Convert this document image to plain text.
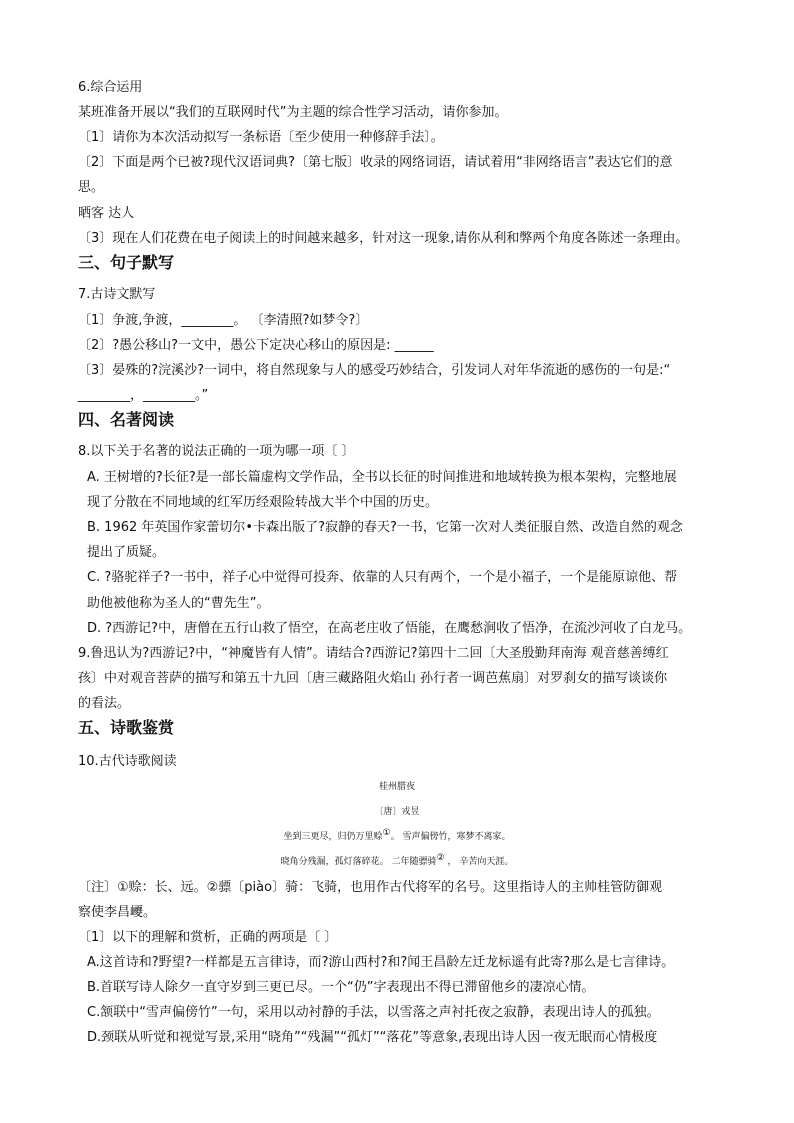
6.综合运用
某班准备开展以“我们的互联网时代”为主题的综合性学习活动，请你参加。
〔1〕请你为本次活动拟写一条标语〔至少使用一种修辞手法〕。
〔2〕下面是两个已被?现代汉语词典?〔第七版〕收录的网络词语，请试着用“非网络语言”表达它们的意
思。
晒客 达人
〔3〕现在人们花费在电子阅读上的时间越来越多，针对这一现象,请你从利和弊两个角度各陈述一条理由。
三、句子默写
7.古诗文默写
〔1〕争渡,争渡，________。 〔李清照?如梦令?〕
〔2〕?愚公移山?一文中，愚公下定决心移山的原因是: ______
〔3〕晏殊的?浣溪沙?一词中，将自然现象与人的感受巧妙结合，引发词人对年华流逝的感伤的一句是:“
________，________。”
四、名著阅读
8.以下关于名著的说法正确的一项为哪一项〔 〕
A. 王树增的?长征?是一部长篇虚构文学作品，全书以长征的时间推进和地域转换为根本架构，完整地展
现了分散在不同地域的红军历经艰险转战大半个中国的历史。
B. 1962 年英国作家蕾切尔•卡森出版了?寂静的春天?一书，它第一次对人类征服自然、改造自然的观念
提出了质疑。
C. ?骆驼祥子?一书中，祥子心中觉得可投奔、依靠的人只有两个，一个是小福子，一个是能原谅他、帮
助他被他称为圣人的“曹先生”。
D. ?西游记?中，唐僧在五行山救了悟空，在高老庄收了悟能，在鹰愁涧收了悟净，在流沙河收了白龙马。
9.鲁迅认为?西游记?中，“神魔皆有人情”。请结合?西游记?第四十二回〔大圣殷勤拜南海 观音慈善缚红
孩〕中对观音菩萨的描写和第五十九回〔唐三藏路阻火焰山 孙行者一调芭蕉扇〕对罗刹女的描写谈谈你
的看法。
五、诗歌鉴赏
10.古代诗歌阅读
桂州腊夜
〔唐〕戎昱
坐到三更尽，归仍万里赊①。 雪声偏傍竹，寒梦不离家。
晓角分残漏，孤灯落碎花。 二年随骠骑② ， 辛苦向天涯。
〔注〕①赊：长、远。②骠〔piào〕骑：飞骑，也用作古代将军的名号。这里指诗人的主帅桂管防御观
察使李昌巎。
〔1〕以下的理解和赏析，正确的两项是〔 〕
A.这首诗和?野望?一样都是五言律诗，而?游山西村?和?闻王昌龄左迁龙标遥有此寄?那么是七言律诗。
B.首联写诗人除夕一直守岁到三更已尽。一个“仍”字表现出不得已滞留他乡的凄凉心情。
C.颔联中“雪声偏傍竹”一句，采用以动衬静的手法，以雪落之声衬托夜之寂静，表现出诗人的孤独。
D.颈联从听觉和视觉写景,采用“晓角”“残漏”“孤灯”“落花”等意象,表现出诗人因一夜无眠而心情极度
